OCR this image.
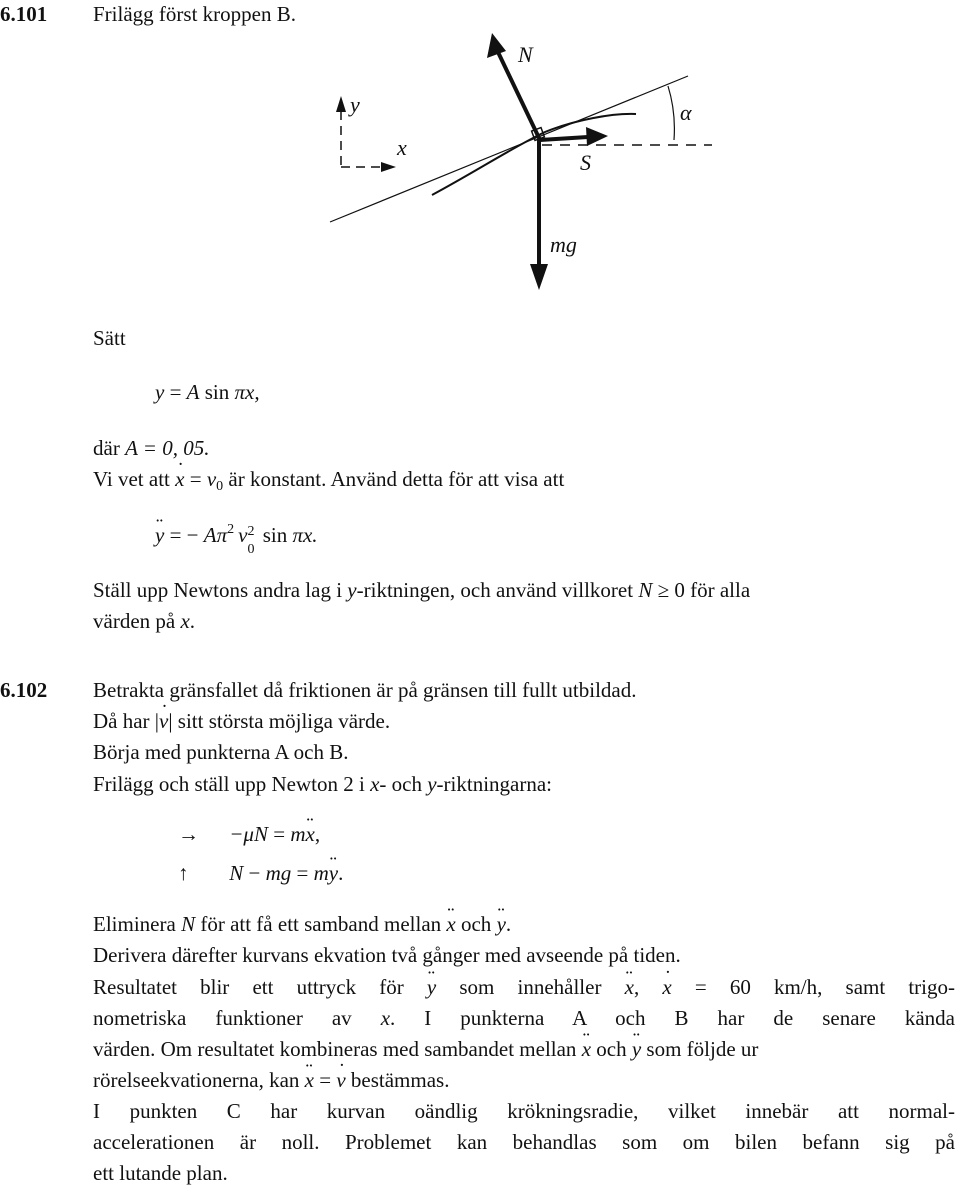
6.101 Frilägg först kroppen B.
N
y
x
S
α
mg
Sätt
y = A sin πx,
där A = 0, 05.
Vi vet att x ˙ = $v_0$ är konstant. Använd detta för att visa att
y ¨ = − $A\pi^2$ v 2
0
sin πx.
Ställ upp Newtons andra lag i y-riktningen, och använd villkoret N ≥ 0 för alla
värden på x.
6.102 Betrakta gränsfallet då friktionen är på gränsen till fullt utbildad.
Då har |v ˙| sitt största möjliga värde.
Börja med punkterna A och B.
Frilägg och ställ upp Newton 2 i x- och y-riktningarna:
→ −μN = mx ¨,
↑ N − mg = my ¨.
Eliminera N för att få ett samband mellan x ¨ och y ¨.
Derivera därefter kurvans ekvation två gånger med avseende på tiden.
Resultatet blir ett uttryck för y ¨ som innehåller x ¨, x ˙ = 60 km/h, samt trigo-
nometriska funktioner av x. I punkterna A och B har de senare kända
värden. Om resultatet kombineras med sambandet mellan x ¨ och y ¨ som följde ur
rörelseekvationerna, kan x ¨ = v ˙ bestämmas.
I punkten C har kurvan oändlig krökningsradie, vilket innebär att normal-
accelerationen är noll. Problemet kan behandlas som om bilen befann sig på
ett lutande plan.
